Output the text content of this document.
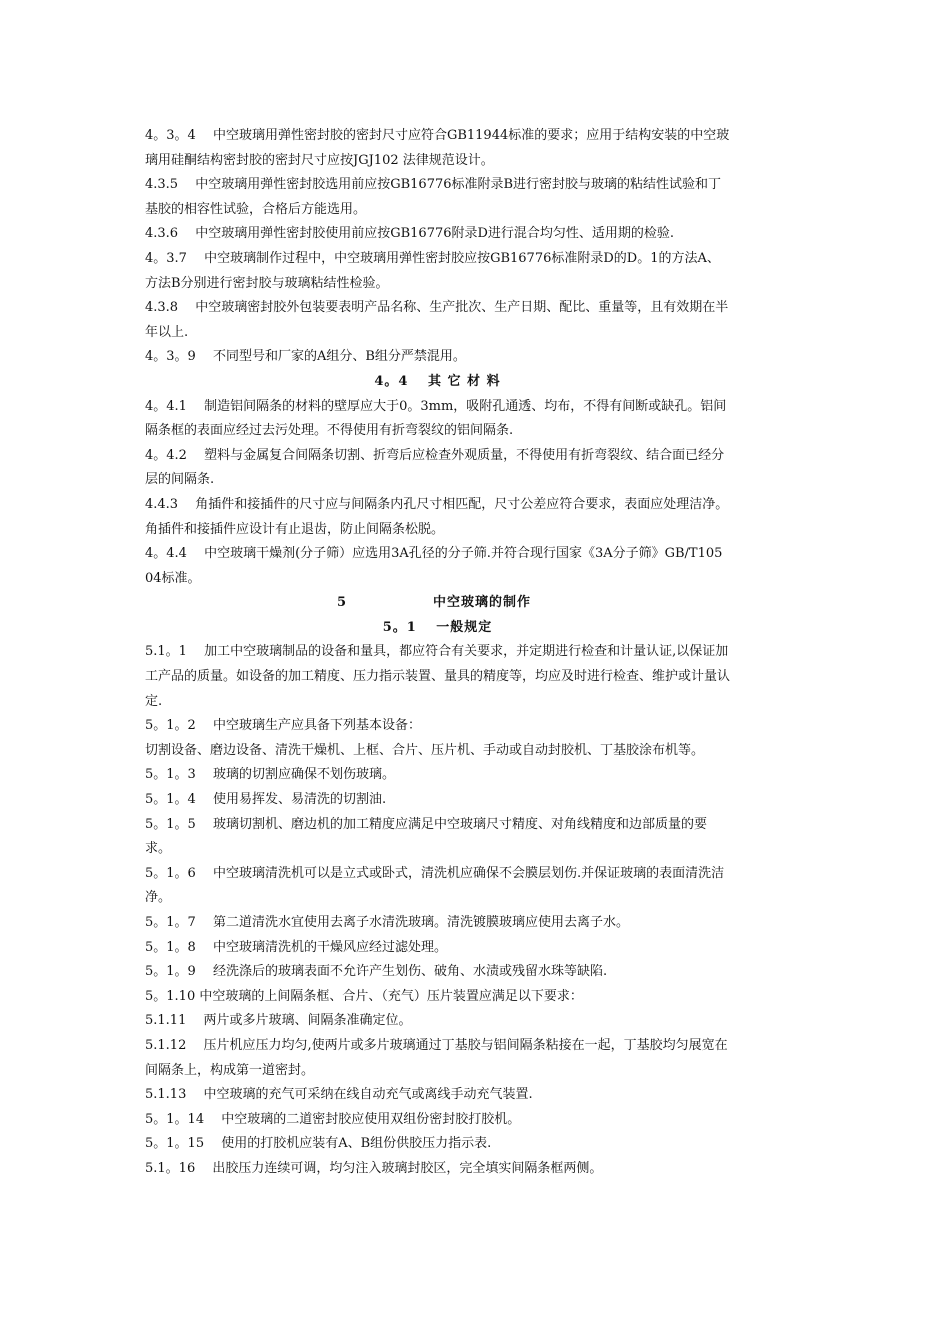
4。3。4　 中空玻璃用弹性密封胶的密封尺寸应符合GB11944标准的要求；应用于结构安装的中空玻璃用硅酮结构密封胶的密封尺寸应按JGJ102 法律规范设计。

4.3.5　 中空玻璃用弹性密封胶选用前应按GB16776标准附录B进行密封胶与玻璃的粘结性试验和丁基胶的相容性试验，合格后方能选用。

4.3.6　 中空玻璃用弹性密封胶使用前应按GB16776附录D进行混合均匀性、适用期的检验.

4。3.7　 中空玻璃制作过程中，中空玻璃用弹性密封胶应按GB16776标准附录D的D。1的方法A、方法B分别进行密封胶与玻璃粘结性检验。

4.3.8　 中空玻璃密封胶外包装要表明产品名称、生产批次、生产日期、配比、重量等，且有效期在半年以上.

4。3。9　 不同型号和厂家的A组分、B组分严禁混用。

4。4　 其 它 材 料

4。4.1　 制造铝间隔条的材料的壁厚应大于0。3mm，吸附孔通透、均布，不得有间断或缺孔。铝间隔条框的表面应经过去污处理。不得使用有折弯裂纹的铝间隔条.

4。4.2　 塑料与金属复合间隔条切割、折弯后应检查外观质量，不得使用有折弯裂纹、结合面已经分层的间隔条.

4.4.3　 角插件和接插件的尺寸应与间隔条内孔尺寸相匹配，尺寸公差应符合要求，表面应处理洁净。角插件和接插件应设计有止退齿，防止间隔条松脱。

4。4.4　 中空玻璃干燥剂(分子筛）应选用3A孔径的分子筛.并符合现行国家《3A分子筛》GB/T10504标准。

5	中空玻璃的制作

5。1　 一般规定

5.1。1　 加工中空玻璃制品的设备和量具，都应符合有关要求，并定期进行检查和计量认证,以保证加工产品的质量。如设备的加工精度、压力指示装置、量具的精度等，均应及时进行检查、维护或计量认定.

5。1。2　 中空玻璃生产应具备下列基本设备：

切割设备、磨边设备、清洗干燥机、上框、合片、压片机、手动或自动封胶机、丁基胶涂布机等。

5。1。3　 玻璃的切割应确保不划伤玻璃。

5。1。4　 使用易挥发、易清洗的切割油.

5。1。5　 玻璃切割机、磨边机的加工精度应满足中空玻璃尺寸精度、对角线精度和边部质量的要求。

5。1。6　 中空玻璃清洗机可以是立式或卧式，清洗机应确保不会膜层划伤.并保证玻璃的表面清洗洁净。

5。1。7　 第二道清洗水宜使用去离子水清洗玻璃。清洗镀膜玻璃应使用去离子水。

5。1。8　 中空玻璃清洗机的干燥风应经过滤处理。

5。1。9　 经洗涤后的玻璃表面不允许产生划伤、破角、水渍或残留水珠等缺陷.

5。1.10 中空玻璃的上间隔条框、合片、（充气）压片装置应满足以下要求：

5.1.11　 两片或多片玻璃、间隔条准确定位。

5.1.12　 压片机应压力均匀,使两片或多片玻璃通过丁基胶与铝间隔条粘接在一起，丁基胶均匀展宽在间隔条上，构成第一道密封。

5.1.13　 中空玻璃的充气可采纳在线自动充气或离线手动充气装置.

5。1。14　 中空玻璃的二道密封胶应使用双组份密封胶打胶机。

5。1。15　 使用的打胶机应装有A、B组份供胶压力指示表.

5.1。16　 出胶压力连续可调，均匀注入玻璃封胶区，完全填实间隔条框两侧。
